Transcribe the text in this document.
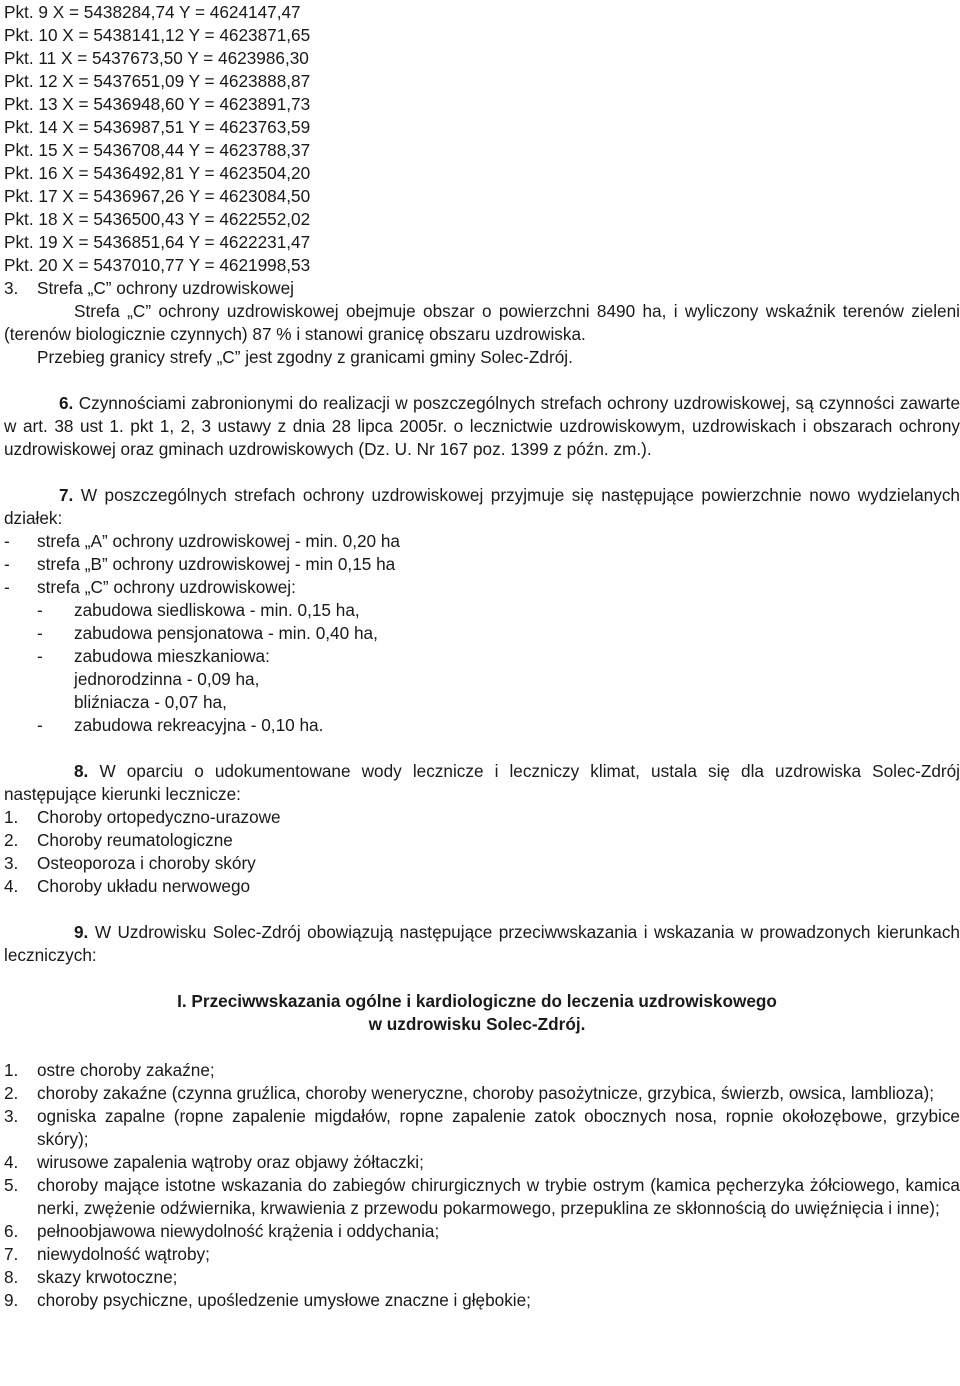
Pkt. 9 X = 5438284,74 Y = 4624147,47
Pkt. 10 X = 5438141,12 Y = 4623871,65
Pkt. 11 X = 5437673,50 Y = 4623986,30
Pkt. 12 X = 5437651,09 Y = 4623888,87
Pkt. 13 X = 5436948,60 Y = 4623891,73
Pkt. 14 X = 5436987,51 Y = 4623763,59
Pkt. 15 X = 5436708,44 Y = 4623788,37
Pkt. 16 X = 5436492,81 Y = 4623504,20
Pkt. 17 X = 5436967,26 Y = 4623084,50
Pkt. 18 X = 5436500,43 Y = 4622552,02
Pkt. 19 X = 5436851,64 Y = 4622231,47
Pkt. 20 X = 5437010,77 Y = 4621998,53
3.	Strefa „C” ochrony uzdrowiskowej
Strefa „C” ochrony uzdrowiskowej obejmuje obszar o powierzchni 8490 ha, i wyliczony wskaźnik terenów zieleni (terenów biologicznie czynnych) 87 % i stanowi granicę obszaru uzdrowiska.
Przebieg granicy strefy „C” jest zgodny z granicami gminy Solec-Zdrój.
6. Czynnościami zabronionymi do realizacji w poszczególnych strefach ochrony uzdrowiskowej, są czynności zawarte w art. 38 ust 1. pkt 1, 2, 3 ustawy z dnia 28 lipca 2005r. o lecznictwie uzdrowiskowym, uzdrowiskach i obszarach ochrony uzdrowiskowej oraz gminach uzdrowiskowych (Dz. U. Nr 167 poz. 1399 z późn. zm.).
7. W poszczególnych strefach ochrony uzdrowiskowej przyjmuje się następujące powierzchnie nowo wydzielanych działek:
-	strefa „A” ochrony uzdrowiskowej - min. 0,20 ha
-	strefa „B” ochrony uzdrowiskowej - min 0,15 ha
-	strefa „C” ochrony uzdrowiskowej:
-	zabudowa siedliskowa - min. 0,15 ha,
-	zabudowa pensjonatowa - min. 0,40 ha,
-	zabudowa mieszkaniowa:
jednorodzinna - 0,09 ha,
bliźniacza - 0,07 ha,
-	zabudowa rekreacyjna - 0,10 ha.
8. W oparciu o udokumentowane wody lecznicze i leczniczy klimat, ustala się dla uzdrowiska Solec-Zdrój następujące kierunki lecznicze:
1.	Choroby ortopedyczno-urazowe
2.	Choroby reumatologiczne
3.	Osteoporoza i choroby skóry
4.	Choroby układu nerwowego
9. W Uzdrowisku Solec-Zdrój obowiązują następujące przeciwwskazania i wskazania w prowadzonych kierunkach leczniczych:
I. Przeciwwskazania ogólne i kardiologiczne do leczenia uzdrowiskowego
w uzdrowisku Solec-Zdrój.
1.	ostre choroby zakaźne;
2.	choroby zakaźne (czynna gruźlica, choroby weneryczne, choroby pasożytnicze, grzybica, świerzb, owsica, lamblioza);
3.	ogniska zapalne (ropne zapalenie migdałów, ropne zapalenie zatok obocznych nosa, ropnie okołozębowe, grzybice skóry);
4.	wirusowe zapalenia wątroby oraz objawy żółtaczki;
5.	choroby mające istotne wskazania do zabiegów chirurgicznych w trybie ostrym (kamica pęcherzyka żółciowego, kamica nerki, zwężenie odźwiernika, krwawienia z przewodu pokarmowego, przepuklina ze skłonnością do uwięźnięcia i inne);
6.	pełnoobjawowa niewydolność krążenia i oddychania;
7.	niewydolność wątroby;
8.	skazy krwotoczne;
9.	choroby psychiczne, upośledzenie umysłowe znaczne i głębokie;
